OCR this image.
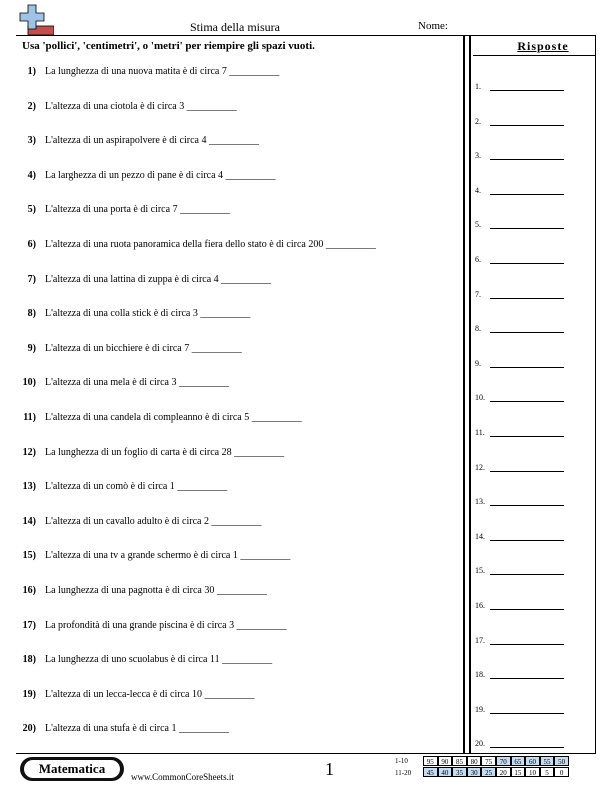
Stima della misura	Nome:
Usa 'pollici', 'centimetri', o 'metri' per riempire gli spazi vuoti.
1) La lunghezza di una nuova matita è di circa 7 __________
2) L'altezza di una ciotola è di circa 3 __________
3) L'altezza di un aspirapolvere è di circa 4 __________
4) La larghezza di un pezzo di pane è di circa 4 __________
5) L'altezza di una porta è di circa 7 __________
6) L'altezza di una ruota panoramica della fiera dello stato è di circa 200 __________
7) L'altezza di una lattina di zuppa è di circa 4 __________
8) L'altezza di una colla stick è di circa 3 __________
9) L'altezza di un bicchiere è di circa 7 __________
10) L'altezza di una mela è di circa 3 __________
11) L'altezza di una candela di compleanno è di circa 5 __________
12) La lunghezza di un foglio di carta è di circa 28 __________
13) L'altezza di un comò è di circa 1 __________
14) L'altezza di un cavallo adulto è di circa 2 __________
15) L'altezza di una tv a grande schermo è di circa 1 __________
16) La lunghezza di una pagnotta è di circa 30 __________
17) La profondità di una grande piscina è di circa 3 __________
18) La lunghezza di uno scuolabus è di circa 11 __________
19) L'altezza di un lecca-lecca è di circa 10 __________
20) L'altezza di una stufa è di circa 1 __________
Risposte
1.
2.
3.
4.
5.
6.
7.
8.
9.
10.
11.
12.
13.
14.
15.
16.
17.
18.
19.
20.
Matematica
www.CommonCoreSheets.it	1	1-10
11-20
95	90	85	80	75	70	65	60	55	50
45	40	35	30	25	20	15	10	5	0
